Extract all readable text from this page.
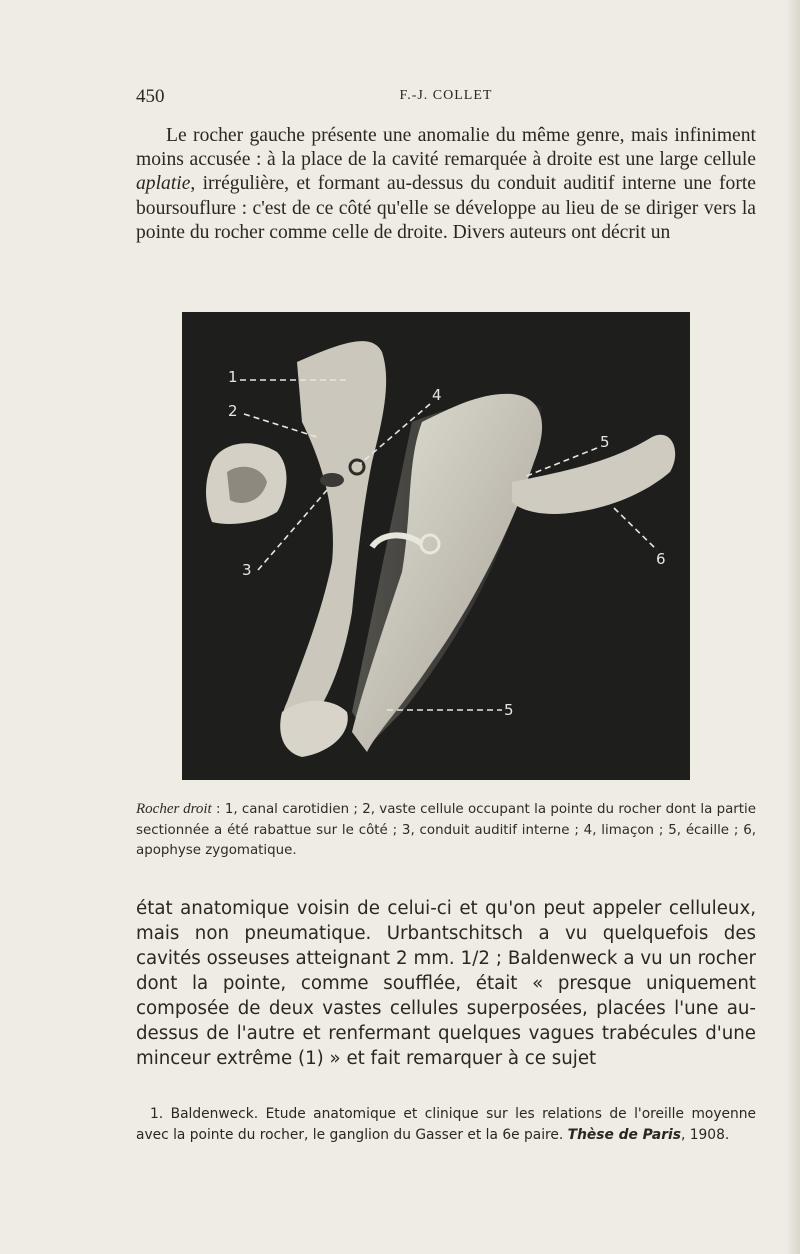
450	F.-J. COLLET

Le rocher gauche présente une anomalie du même genre, mais infiniment moins accusée : à la place de la cavité remarquée à droite est une large cellule aplatie, irrégulière, et formant au-dessus du conduit auditif interne une forte boursouflure : c'est de ce côté qu'elle se développe au lieu de se diriger vers la pointe du rocher comme celle de droite. Divers auteurs ont décrit un

1
2
3
4
5
6
5
Rocher droit : 1, canal carotidien ; 2, vaste cellule occupant la pointe du rocher dont la partie sectionnée a été rabattue sur le côté ; 3, conduit auditif interne ; 4, limaçon ; 5, écaille ; 6, apophyse zygomatique.

état anatomique voisin de celui-ci et qu'on peut appeler celluleux, mais non pneumatique. Urbantschitsch a vu quelquefois des cavités osseuses atteignant 2 mm. 1/2 ; Baldenweck a vu un rocher dont la pointe, comme soufflée, était « presque uniquement composée de deux vastes cellules superposées, placées l'une au-dessus de l'autre et renfermant quelques vagues trabécules d'une minceur extrême (1) » et fait remarquer à ce sujet

1. Baldenweck. Etude anatomique et clinique sur les relations de l'oreille moyenne avec la pointe du rocher, le ganglion du Gasser et la 6e paire. Thèse de Paris, 1908.
